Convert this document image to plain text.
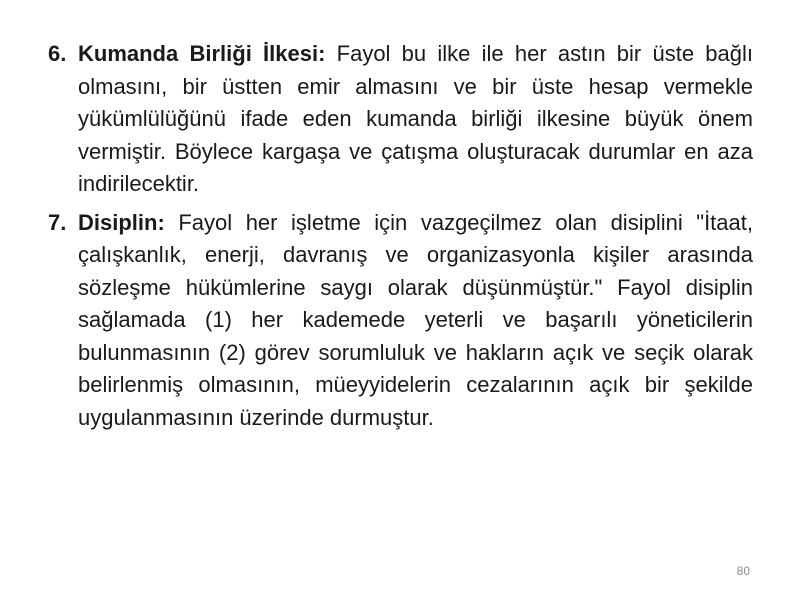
6. Kumanda Birliği İlkesi: Fayol bu ilke ile her astın bir üste bağlı olmasını, bir üstten emir almasını ve bir üste hesap vermekle yükümlülüğünü ifade eden kumanda birliği ilkesine büyük önem vermiştir. Böylece kargaşa ve çatışma oluşturacak durumlar en aza indirilecektir.

7. Disiplin: Fayol her işletme için vazgeçilmez olan disiplini "İtaat, çalışkanlık, enerji, davranış ve organizasyonla kişiler arasında sözleşme hükümlerine saygı olarak düşünmüştür." Fayol disiplin sağlamada (1) her kademede yeterli ve başarılı yöneticilerin bulunmasının (2) görev sorumluluk ve hakların açık ve seçik olarak belirlenmiş olmasının, müeyyidelerin cezalarının açık bir şekilde uygulanmasının üzerinde durmuştur.

80
